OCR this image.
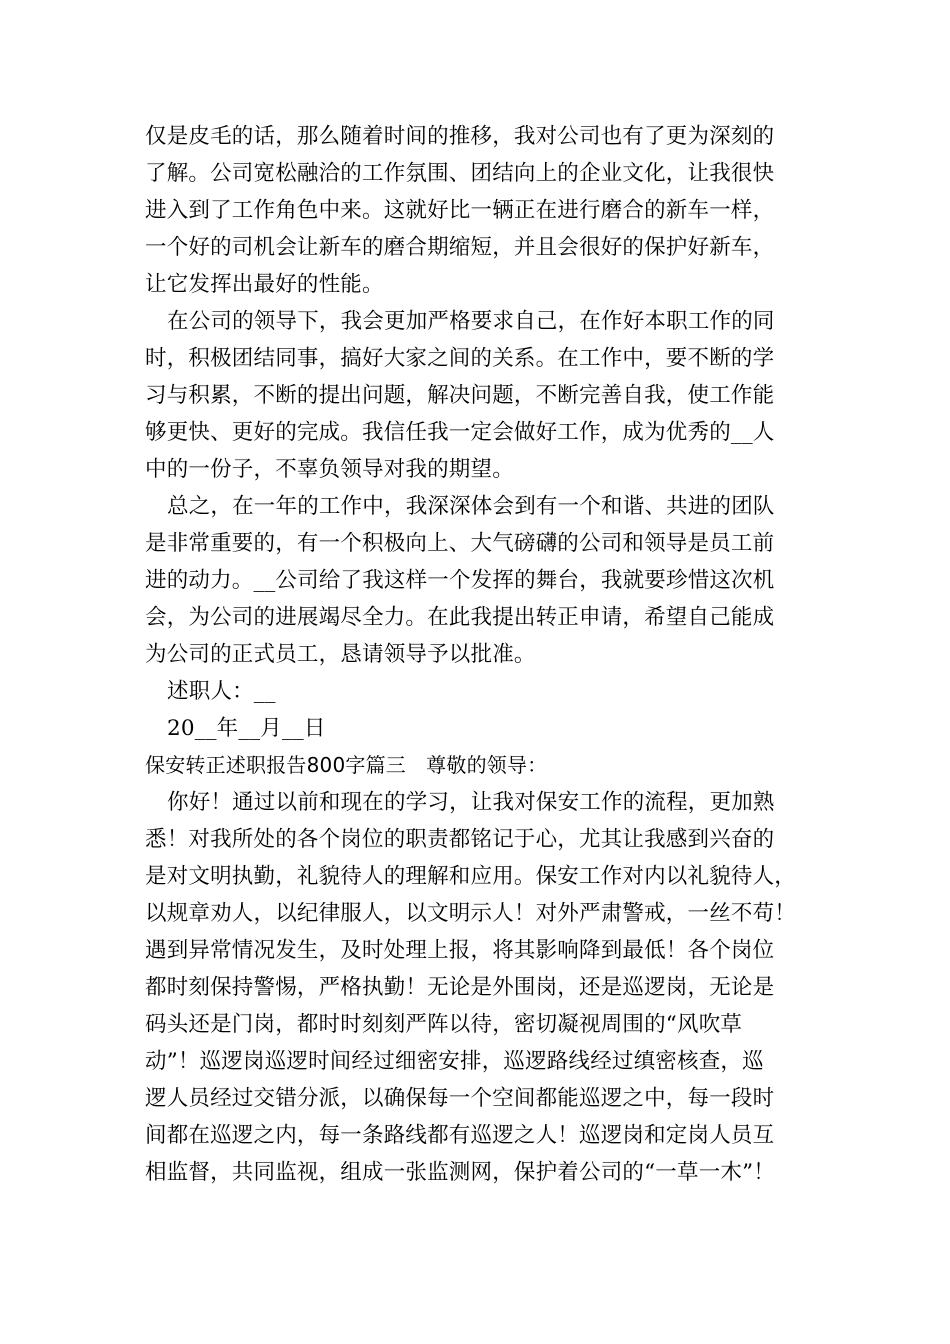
仅是皮毛的话，那么随着时间的推移，我对公司也有了更为深刻的
了解。公司宽松融洽的工作氛围、团结向上的企业文化，让我很快
进入到了工作角色中来。这就好比一辆正在进行磨合的新车一样，
一个好的司机会让新车的磨合期缩短，并且会很好的保护好新车，
让它发挥出最好的性能。
在公司的领导下，我会更加严格要求自己，在作好本职工作的同
时，积极团结同事，搞好大家之间的关系。在工作中，要不断的学
习与积累，不断的提出问题，解决问题，不断完善自我，使工作能
够更快、更好的完成。我信任我一定会做好工作，成为优秀的__人
中的一份子，不辜负领导对我的期望。
总之，在一年的工作中，我深深体会到有一个和谐、共进的团队
是非常重要的，有一个积极向上、大气磅礴的公司和领导是员工前
进的动力。__公司给了我这样一个发挥的舞台，我就要珍惜这次机
会，为公司的进展竭尽全力。在此我提出转正申请，希望自己能成
为公司的正式员工，恳请领导予以批准。
述职人：__
20__年__月__日
保安转正述职报告800字篇三　尊敬的领导：
你好！通过以前和现在的学习，让我对保安工作的流程，更加熟
悉！对我所处的各个岗位的职责都铭记于心，尤其让我感到兴奋的
是对文明执勤，礼貌待人的理解和应用。保安工作对内以礼貌待人，
以规章劝人，以纪律服人，以文明示人！对外严肃警戒，一丝不苟！
遇到异常情况发生，及时处理上报，将其影响降到最低！各个岗位
都时刻保持警惕，严格执勤！无论是外围岗，还是巡逻岗，无论是
码头还是门岗，都时时刻刻严阵以待，密切凝视周围的“风吹草
动”！巡逻岗巡逻时间经过细密安排，巡逻路线经过缜密核查，巡
逻人员经过交错分派，以确保每一个空间都能巡逻之中，每一段时
间都在巡逻之内，每一条路线都有巡逻之人！巡逻岗和定岗人员互
相监督，共同监视，组成一张监测网，保护着公司的“一草一木”！
